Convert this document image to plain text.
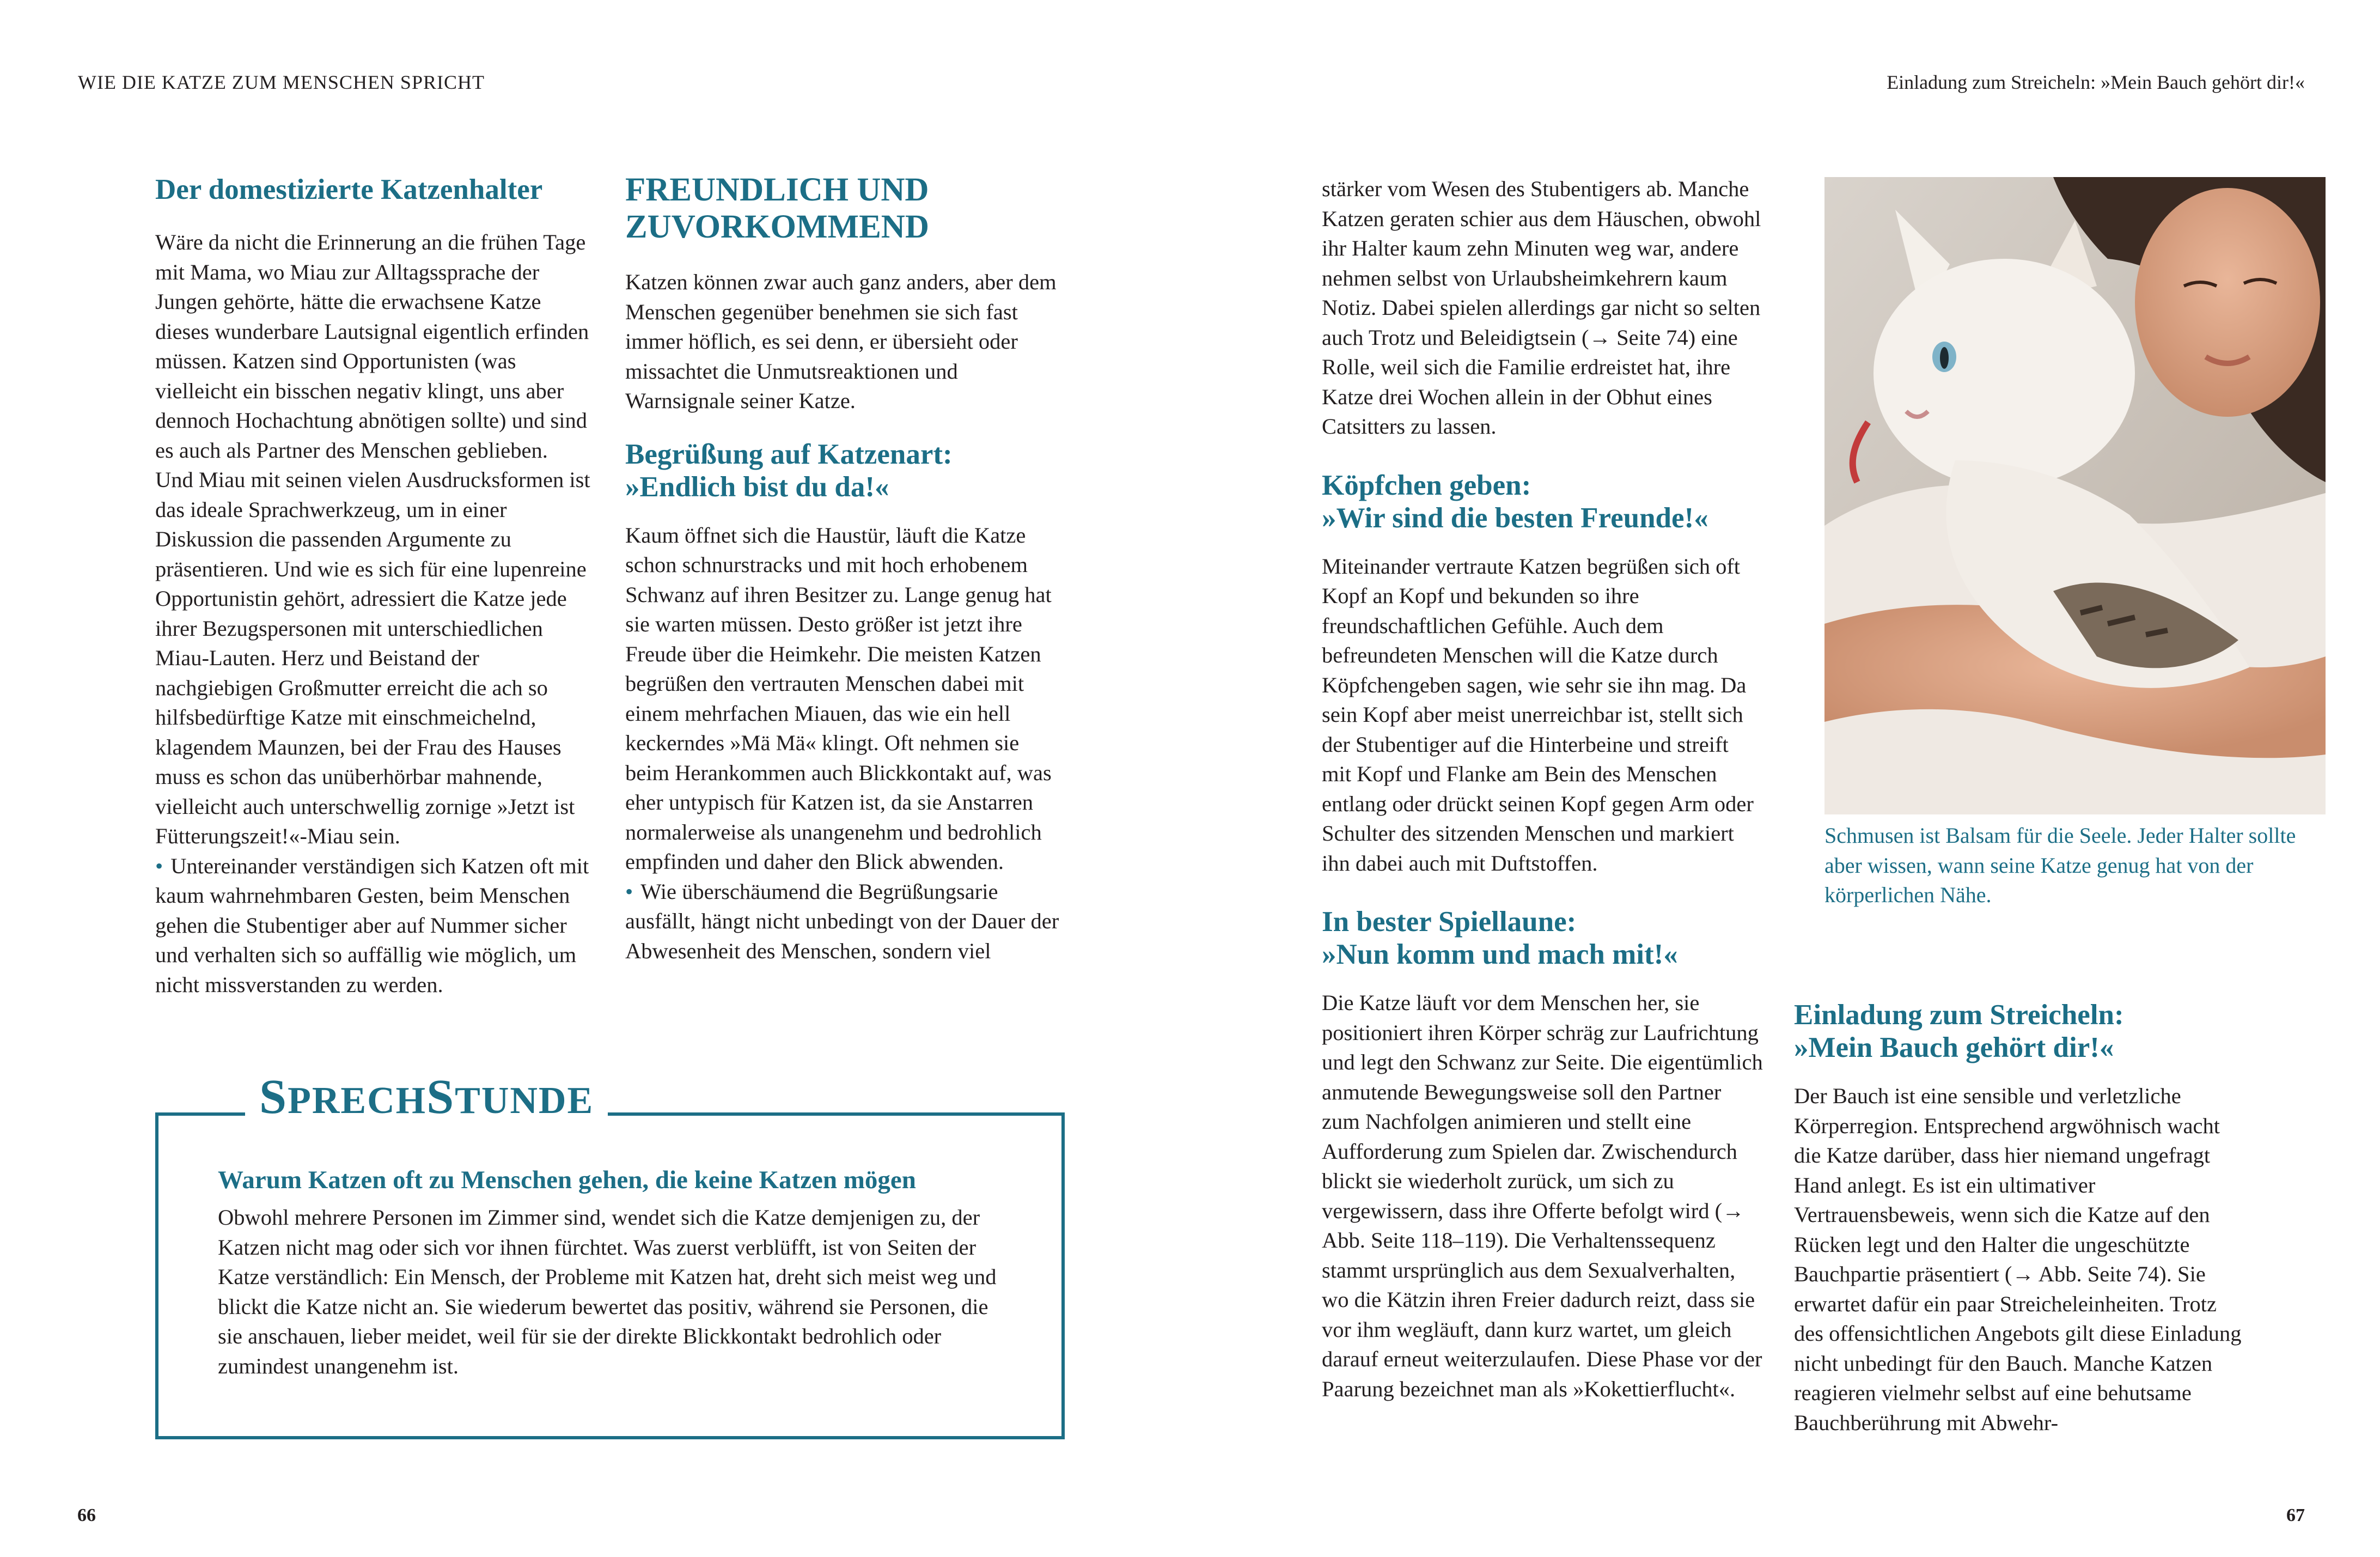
WIE DIE KATZE ZUM MENSCHEN SPRICHT	Einladung zum Streicheln: »Mein Bauch gehört dir!«
Der domestizierte Katzenhalter

Wäre da nicht die Erinnerung an die frühen Tage mit Mama, wo Miau zur Alltagssprache der Jungen gehörte, hätte die erwachsene Katze dieses wunderbare Lautsignal eigentlich erfinden müssen. Katzen sind Opportunisten (was vielleicht ein bisschen negativ klingt, uns aber dennoch Hochachtung abnötigen sollte) und sind es auch als Partner des Menschen geblieben. Und Miau mit seinen vielen Ausdrucksformen ist das ideale Sprachwerkzeug, um in einer Diskussion die passenden Argumente zu präsentieren. Und wie es sich für eine lupenreine Opportunistin gehört, adressiert die Katze jede ihrer Bezugspersonen mit unterschiedlichen Miau-Lauten. Herz und Beistand der nachgiebigen Großmutter erreicht die ach so hilfsbedürftige Katze mit einschmeichelnd, klagendem Maunzen, bei der Frau des Hauses muss es schon das unüberhörbar mahnende, vielleicht auch unterschwellig zornige »Jetzt ist Fütterungszeit!«-Miau sein.

• Untereinander verständigen sich Katzen oft mit kaum wahrnehmbaren Gesten, beim Menschen gehen die Stubentiger aber auf Nummer sicher und verhalten sich so auffällig wie möglich, um nicht missverstanden zu werden.

FREUNDLICH UND ZUVORKOMMEND

Katzen können zwar auch ganz anders, aber dem Menschen gegenüber benehmen sie sich fast immer höflich, es sei denn, er übersieht oder missachtet die Unmutsreaktionen und Warnsignale seiner Katze.

Begrüßung auf Katzenart:
»Endlich bist du da!«

Kaum öffnet sich die Haustür, läuft die Katze schon schnurstracks und mit hoch erhobenem Schwanz auf ihren Besitzer zu. Lange genug hat sie warten müssen. Desto größer ist jetzt ihre Freude über die Heimkehr. Die meisten Katzen begrüßen den vertrauten Menschen dabei mit einem mehrfachen Miauen, das wie ein hell keckerndes »Mä Mä« klingt. Oft nehmen sie beim Herankommen auch Blickkontakt auf, was eher untypisch für Katzen ist, da sie Anstarren normalerweise als unangenehm und bedrohlich empfinden und daher den Blick abwenden.

• Wie überschäumend die Begrüßungsarie ausfällt, hängt nicht unbedingt von der Dauer der Abwesenheit des Menschen, sondern viel

SPRECHSTUNDE
Warum Katzen oft zu Menschen gehen, die keine Katzen mögen

Obwohl mehrere Personen im Zimmer sind, wendet sich die Katze demjenigen zu, der Katzen nicht mag oder sich vor ihnen fürchtet. Was zuerst verblüfft, ist von Seiten der Katze verständlich: Ein Mensch, der Probleme mit Katzen hat, dreht sich meist weg und blickt die Katze nicht an. Sie wiederum bewertet das positiv, während sie Personen, die sie anschauen, lieber meidet, weil für sie der direkte Blickkontakt bedrohlich oder zumindest unangenehm ist.

66

stärker vom Wesen des Stubentigers ab. Manche Katzen geraten schier aus dem Häuschen, obwohl ihr Halter kaum zehn Minuten weg war, andere nehmen selbst von Urlaubsheimkehrern kaum Notiz. Dabei spielen allerdings gar nicht so selten auch Trotz und Beleidigtsein (→ Seite 74) eine Rolle, weil sich die Familie erdreistet hat, ihre Katze drei Wochen allein in der Obhut eines Catsitters zu lassen.

Köpfchen geben:
»Wir sind die besten Freunde!«

Miteinander vertraute Katzen begrüßen sich oft Kopf an Kopf und bekunden so ihre freundschaftlichen Gefühle. Auch dem befreundeten Menschen will die Katze durch Köpfchengeben sagen, wie sehr sie ihn mag. Da sein Kopf aber meist unerreichbar ist, stellt sich der Stubentiger auf die Hinterbeine und streift mit Kopf und Flanke am Bein des Menschen entlang oder drückt seinen Kopf gegen Arm oder Schulter des sitzenden Menschen und markiert ihn dabei auch mit Duftstoffen.

In bester Spiellaune:
»Nun komm und mach mit!«

Die Katze läuft vor dem Menschen her, sie positioniert ihren Körper schräg zur Laufrichtung und legt den Schwanz zur Seite. Die eigentümlich anmutende Bewegungsweise soll den Partner zum Nachfolgen animieren und stellt eine Aufforderung zum Spielen dar. Zwischendurch blickt sie wiederholt zurück, um sich zu vergewissern, dass ihre Offerte befolgt wird (→ Abb. Seite 118–119). Die Verhaltenssequenz stammt ursprünglich aus dem Sexualverhalten, wo die Kätzin ihren Freier dadurch reizt, dass sie vor ihm wegläuft, dann kurz wartet, um gleich darauf erneut weiterzulaufen. Diese Phase vor der Paarung bezeichnet man als »Kokettierflucht«.

Schmusen ist Balsam für die Seele. Jeder Halter sollte aber wissen, wann seine Katze genug hat von der körperlichen Nähe.
Einladung zum Streicheln:
»Mein Bauch gehört dir!«

Der Bauch ist eine sensible und verletzliche Körperregion. Entsprechend argwöhnisch wacht die Katze darüber, dass hier niemand ungefragt Hand anlegt. Es ist ein ultimativer Vertrauensbeweis, wenn sich die Katze auf den Rücken legt und den Halter die ungeschützte Bauchpartie präsentiert (→ Abb. Seite 74). Sie erwartet dafür ein paar Streicheleinheiten. Trotz des offensichtlichen Angebots gilt diese Einladung nicht unbedingt für den Bauch. Manche Katzen reagieren vielmehr selbst auf eine behutsame Bauchberührung mit Abwehr-

67
